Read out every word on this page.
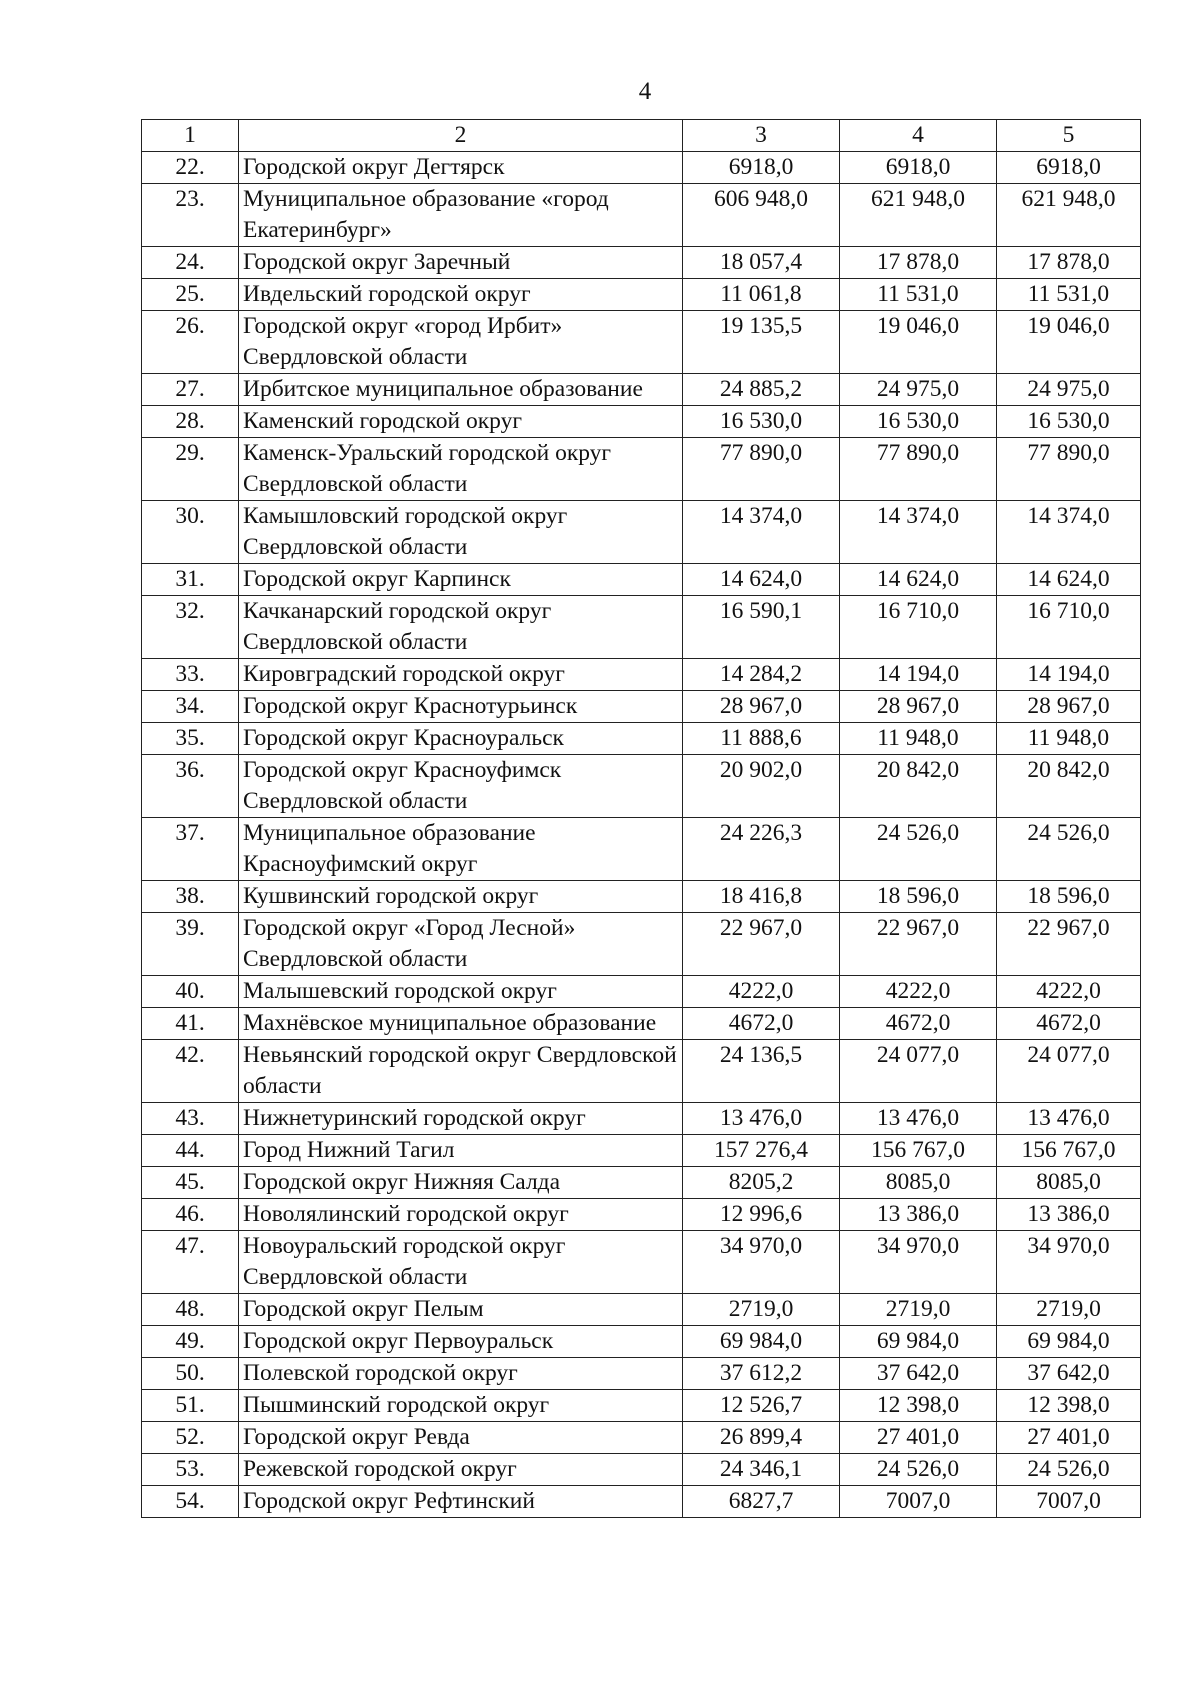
4
1	2	3	4	5
22.	Городской округ Дегтярск	6918,0	6918,0	6918,0
23.	Муниципальное образование «город Екатеринбург»	606 948,0	621 948,0	621 948,0
24.	Городской округ Заречный	18 057,4	17 878,0	17 878,0
25.	Ивдельский городской округ	11 061,8	11 531,0	11 531,0
26.	Городской округ «город Ирбит» Свердловской области	19 135,5	19 046,0	19 046,0
27.	Ирбитское муниципальное образование	24 885,2	24 975,0	24 975,0
28.	Каменский городской округ	16 530,0	16 530,0	16 530,0
29.	Каменск-Уральский городской округ Свердловской области	77 890,0	77 890,0	77 890,0
30.	Камышловский городской округ Свердловской области	14 374,0	14 374,0	14 374,0
31.	Городской округ Карпинск	14 624,0	14 624,0	14 624,0
32.	Качканарский городской округ Свердловской области	16 590,1	16 710,0	16 710,0
33.	Кировградский городской округ	14 284,2	14 194,0	14 194,0
34.	Городской округ Краснотурьинск	28 967,0	28 967,0	28 967,0
35.	Городской округ Красноуральск	11 888,6	11 948,0	11 948,0
36.	Городской округ Красноуфимск Свердловской области	20 902,0	20 842,0	20 842,0
37.	Муниципальное образование Красноуфимский округ	24 226,3	24 526,0	24 526,0
38.	Кушвинский городской округ	18 416,8	18 596,0	18 596,0
39.	Городской округ «Город Лесной» Свердловской области	22 967,0	22 967,0	22 967,0
40.	Малышевский городской округ	4222,0	4222,0	4222,0
41.	Махнёвское муниципальное образование	4672,0	4672,0	4672,0
42.	Невьянский городской округ Свердловской области	24 136,5	24 077,0	24 077,0
43.	Нижнетуринский городской округ	13 476,0	13 476,0	13 476,0
44.	Город Нижний Тагил	157 276,4	156 767,0	156 767,0
45.	Городской округ Нижняя Салда	8205,2	8085,0	8085,0
46.	Новолялинский городской округ	12 996,6	13 386,0	13 386,0
47.	Новоуральский городской округ Свердловской области	34 970,0	34 970,0	34 970,0
48.	Городской округ Пелым	2719,0	2719,0	2719,0
49.	Городской округ Первоуральск	69 984,0	69 984,0	69 984,0
50.	Полевской городской округ	37 612,2	37 642,0	37 642,0
51.	Пышминский городской округ	12 526,7	12 398,0	12 398,0
52.	Городской округ Ревда	26 899,4	27 401,0	27 401,0
53.	Режевской городской округ	24 346,1	24 526,0	24 526,0
54.	Городской округ Рефтинский	6827,7	7007,0	7007,0
